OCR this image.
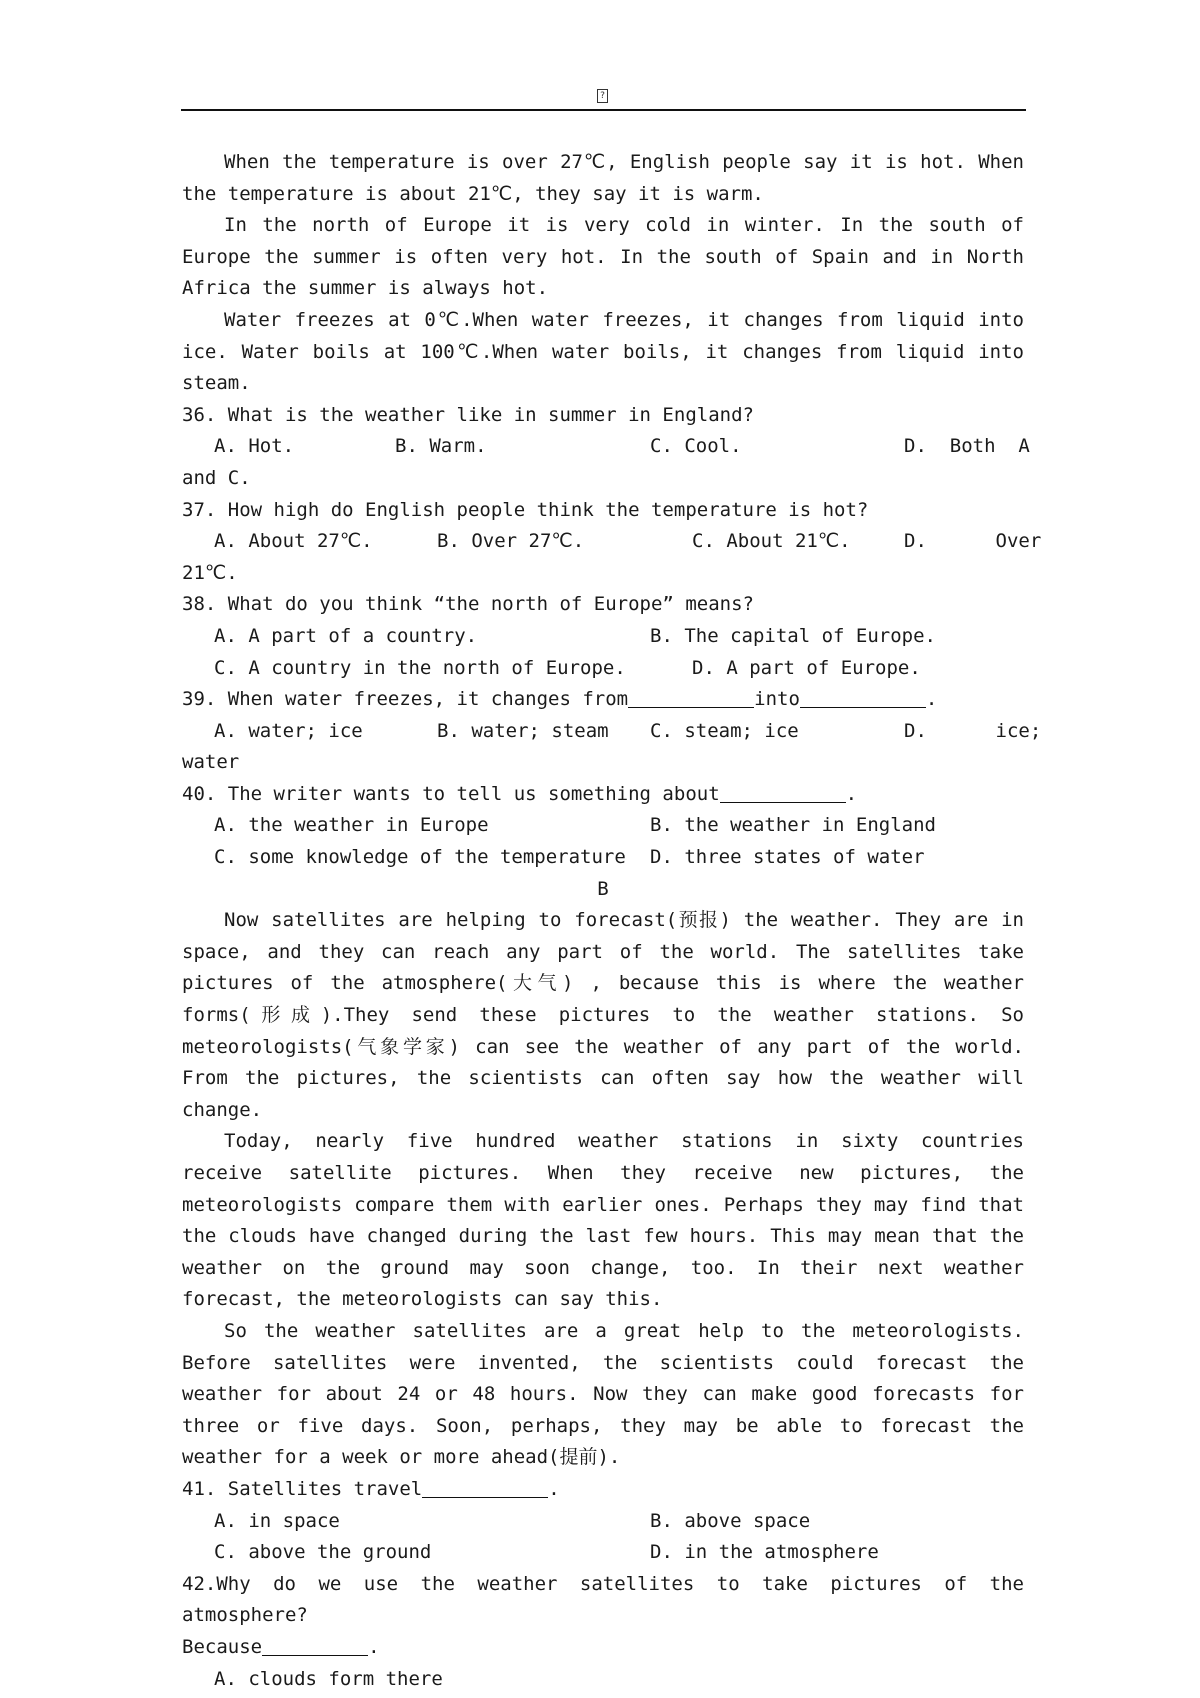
?

When the temperature is over 27℃, English people say it is hot. When the temperature is about 21℃, they say it is warm.

In the north of Europe it is very cold in winter. In the south of Europe the summer is often very hot. In the south of Spain and in North Africa the summer is always hot.

Water freezes at 0℃.When water freezes, it changes from liquid into ice. Water boils at 100℃.When water boils, it changes from liquid into steam.

36. What is the weather like in summer in England?

A. Hot.	B. Warm.	C. Cool.	D.  Both  A

and C.

37. How high do English people think the temperature is hot?

A. About 27℃.	B. Over 27℃.	C. About 21℃.	D.      Over

21℃.

38. What do you think “the north of Europe” means?

A. A part of a country.	B. The capital of Europe.
C. A country in the north of Europe.	D. A part of Europe.

39. When water freezes, it changes from	into	.

A. water; ice	B. water; steam C. steam; ice	D.      ice;

water

40. The writer wants to tell us something about	.

A. the weather in Europe	B. the weather in England
C. some knowledge of the temperature D. three states of water

B

Now satellites are helping to forecast(预报) the weather. They are in space, and they can reach any part of the world. The satellites take pictures of the atmosphere(大气) , because this is where the weather forms(形成).They send these pictures to the weather stations. So meteorologists(气象学家) can see the weather of any part of the world. From the pictures, the scientists can often say how the weather will change.

Today, nearly five hundred weather stations in sixty countries receive satellite pictures. When they receive new pictures, the meteorologists compare them with earlier ones. Perhaps they may find that the clouds have changed during the last few hours. This may mean that the weather on the ground may soon change, too. In their next weather forecast, the meteorologists can say this.

So the weather satellites are a great help to the meteorologists. Before satellites were invented, the scientists could forecast the weather for about 24 or 48 hours. Now they can make good forecasts for three or five days. Soon, perhaps, they may be able to forecast the weather for a week or more ahead(提前).

41. Satellites travel	.

A. in space	B. above space
C. above the ground	D. in the atmosphere

42.Why do we use the weather satellites to take pictures of the atmosphere?

Because	.

A. clouds form there
